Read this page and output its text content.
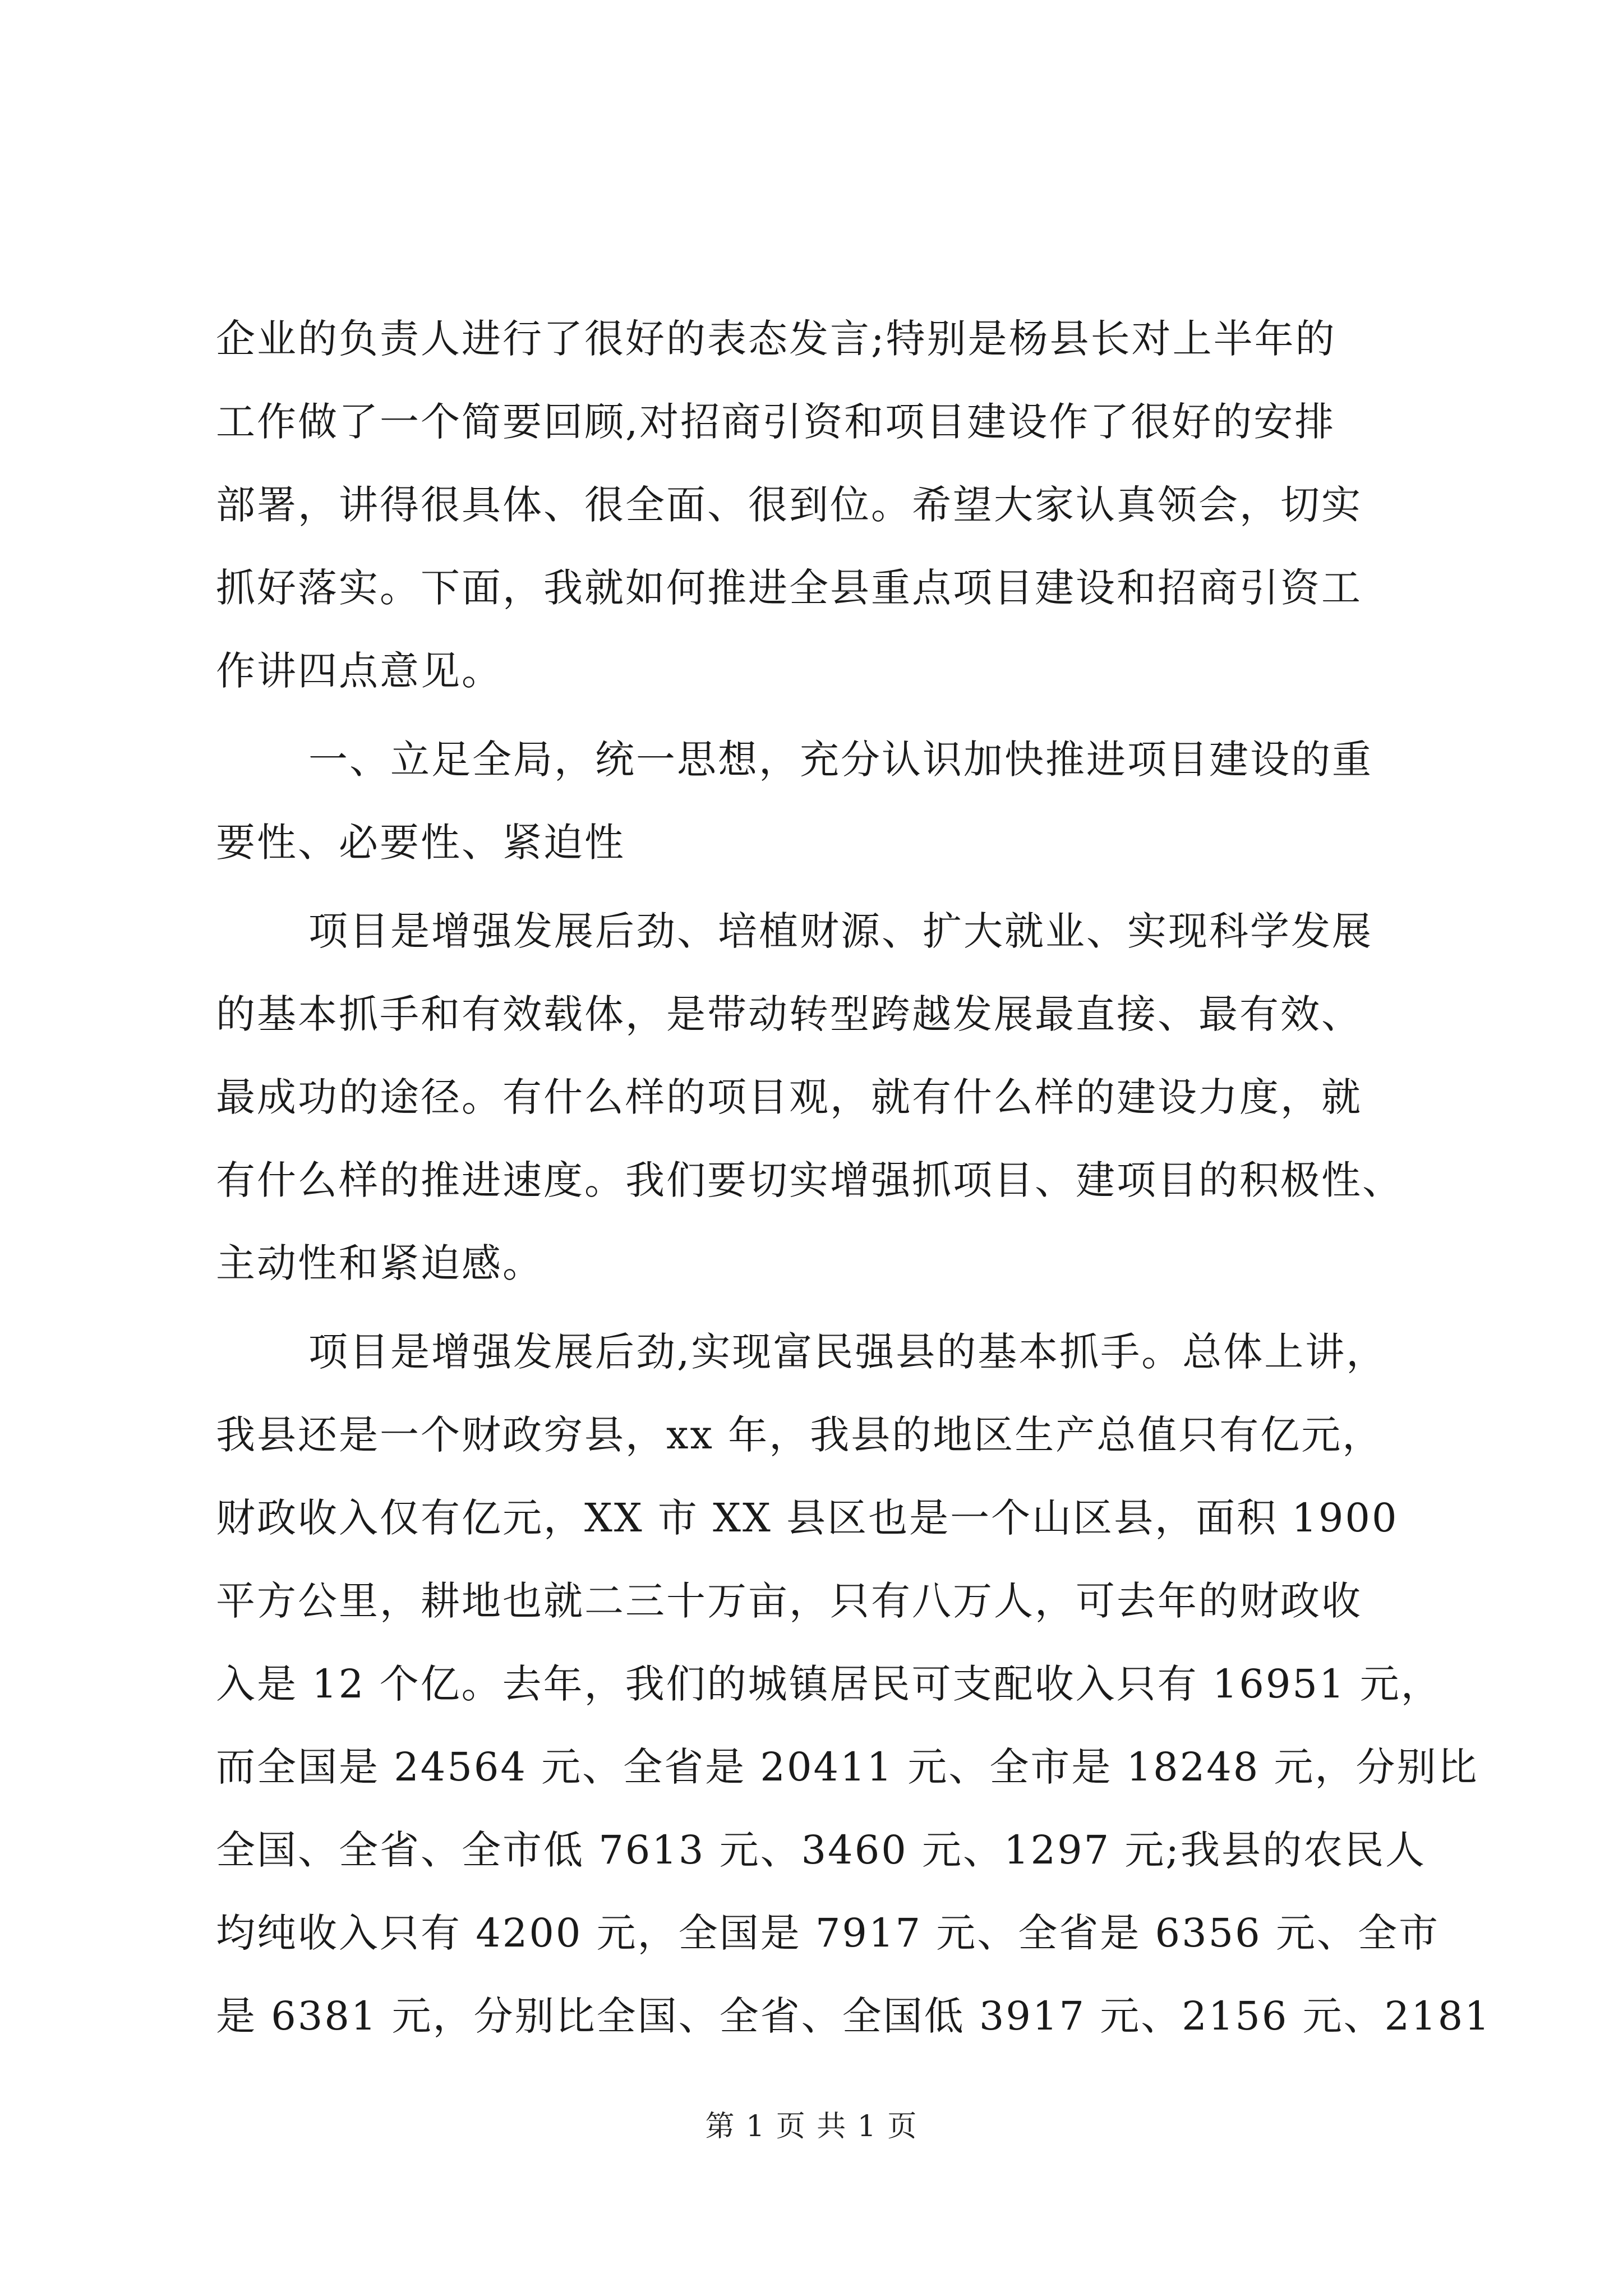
企业的负责人进行了很好的表态发言;特别是杨县长对上半年的
工作做了一个简要回顾,对招商引资和项目建设作了很好的安排
部署，讲得很具体、很全面、很到位。希望大家认真领会，切实
抓好落实。下面，我就如何推进全县重点项目建设和招商引资工
作讲四点意见。
一、立足全局，统一思想，充分认识加快推进项目建设的重
要性、必要性、紧迫性
项目是增强发展后劲、培植财源、扩大就业、实现科学发展
的基本抓手和有效载体，是带动转型跨越发展最直接、最有效、
最成功的途径。有什么样的项目观，就有什么样的建设力度，就
有什么样的推进速度。我们要切实增强抓项目、建项目的积极性、
主动性和紧迫感。
项目是增强发展后劲,实现富民强县的基本抓手。总体上讲，
我县还是一个财政穷县，xx 年，我县的地区生产总值只有亿元，
财政收入仅有亿元，XX 市 XX 县区也是一个山区县，面积 1900
平方公里，耕地也就二三十万亩，只有八万人，可去年的财政收
入是 12 个亿。去年，我们的城镇居民可支配收入只有 16951 元，
而全国是 24564 元、全省是 20411 元、全市是 18248 元，分别比
全国、全省、全市低 7613 元、3460 元、1297 元;我县的农民人
均纯收入只有 4200 元，全国是 7917 元、全省是 6356 元、全市
是 6381 元，分别比全国、全省、全国低 3917 元、2156 元、2181
第 1 页 共 1 页
